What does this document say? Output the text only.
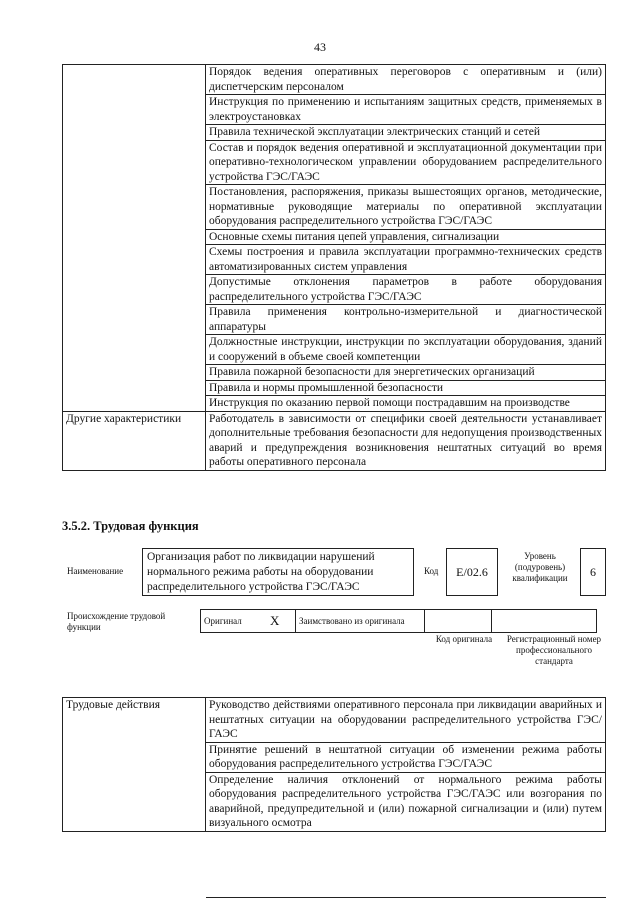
43
	Порядок ведения оперативных переговоров с оперативным и (или) диспетчерским персоналом
	Инструкция по применению и испытаниям защитных средств, применяемых в электроустановках
	Правила технической эксплуатации электрических станций и сетей
	Состав и порядок ведения оперативной и эксплуатационной документации при оперативно-технологическом управлении оборудованием распределительного устройства ГЭС/ГАЭС
	Постановления, распоряжения, приказы вышестоящих органов, методические, нормативные руководящие материалы по оперативной эксплуатации оборудования распределительного устройства ГЭС/ГАЭС
	Основные схемы питания цепей управления, сигнализации
	Схемы построения и правила эксплуатации программно-технических средств автоматизированных систем управления
	Допустимые отклонения параметров в работе оборудования распределительного устройства ГЭС/ГАЭС
	Правила применения контрольно-измерительной и диагностической аппаратуры
	Должностные инструкции, инструкции по эксплуатации оборудования, зданий и сооружений в объеме своей компетенции
	Правила пожарной безопасности для энергетических организаций
	Правила и нормы промышленной безопасности
	Инструкция по оказанию первой помощи пострадавшим на производстве
Другие характеристики	Работодатель в зависимости от специфики своей деятельности устанавливает дополнительные требования безопасности для недопущения производственных аварий и предупреждения возникновения нештатных ситуаций во время работы оперативного персонала
3.5.2. Трудовая функция
Наименование
Организация работ по ликвидации нарушений нормального режима работы на оборудовании распределительного устройства ГЭС/ГАЭС
Код	E/02.6
Уровень (подуровень) квалификации	6
Происхождение трудовой функции
Оригинал	X	Заимствовано из оригинала		
Код оригинала	Регистрационный номер профессионального стандарта
Трудовые действия	Руководство действиями оперативного персонала при ликвидации аварийных и нештатных ситуации на оборудовании распределительного устройства ГЭС/ГАЭС
Принятие решений в нештатной ситуации об изменении режима работы оборудования распределительного устройства ГЭС/ГАЭС
Определение наличия отклонений от нормального режима работы оборудования распределительного устройства ГЭС/ГАЭС или возгорания по аварийной, предупредительной и (или) пожарной сигнализации и (или) путем визуального осмотра
